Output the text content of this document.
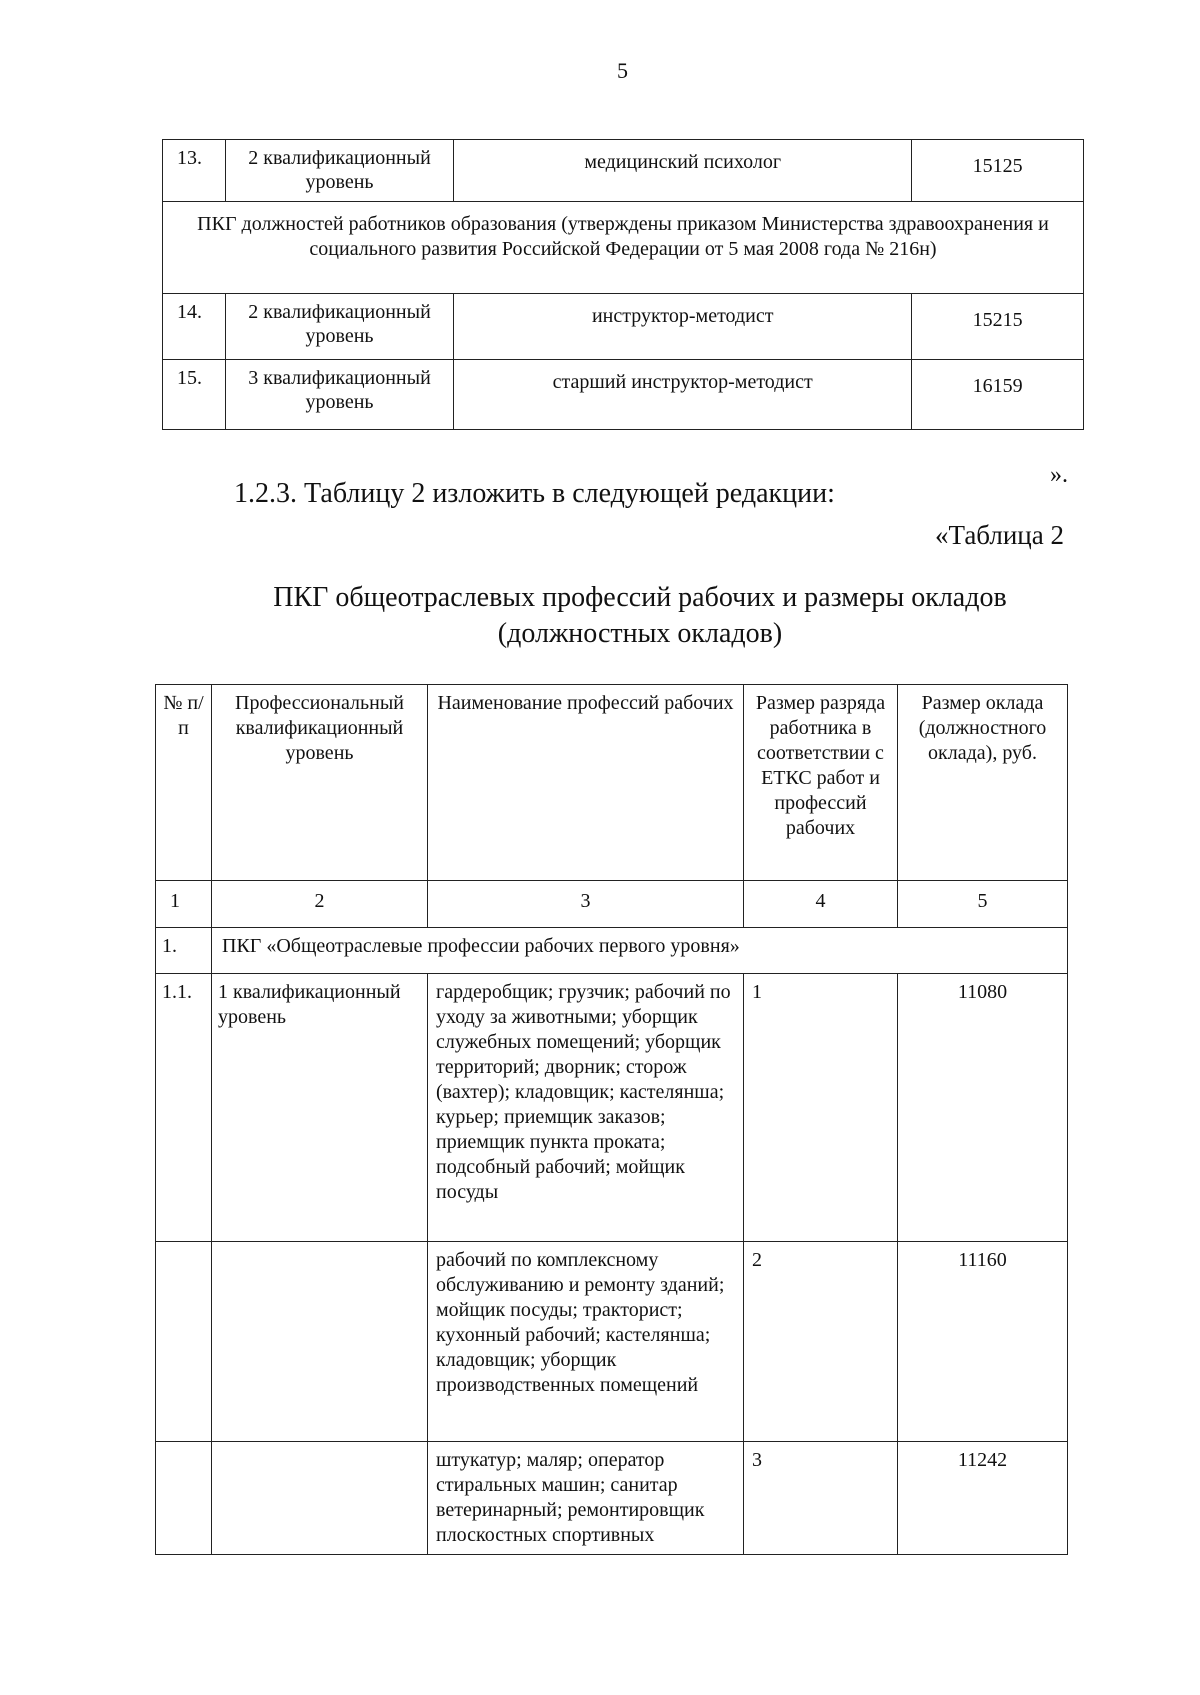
5
13.	2 квалификационный уровень	медицинский психолог	15125
ПКГ должностей работников образования (утверждены приказом Министерства здравоохранения и социального развития Российской Федерации от 5 мая 2008 года № 216н)			
14.	2 квалификационный уровень	инструктор-методист	15215
15.	3 квалификационный уровень	старший инструктор-методист	16159
».
1.2.3. Таблицу 2 изложить в следующей редакции:
«Таблица 2
ПКГ общеотраслевых профессий рабочих и размеры окладов
(должностных окладов)
№ п/п	Профессиональный квалификационный уровень	Наименование профессий рабочих	Размер разряда работника в соответствии с ЕТКС работ и профессий рабочих	Размер оклада (должностного оклада), руб.
1	2	3	4	5
1.	ПКГ «Общеотраслевые профессии рабочих первого уровня»			
1.1.	1 квалификационный уровень	гардеробщик; грузчик; рабочий по уходу за животными; уборщик служебных помещений; уборщик территорий; дворник; сторож (вахтер); кладовщик; кастелянша; курьер; приемщик заказов; приемщик пункта проката; подсобный рабочий; мойщик посуды	1	11080
		рабочий по комплексному обслуживанию и ремонту зданий; мойщик посуды; тракторист; кухонный рабочий; кастелянша; кладовщик; уборщик производственных помещений	2	11160
		штукатур; маляр; оператор стиральных машин; санитар ветеринарный; ремонтировщик плоскостных спортивных	3	11242
